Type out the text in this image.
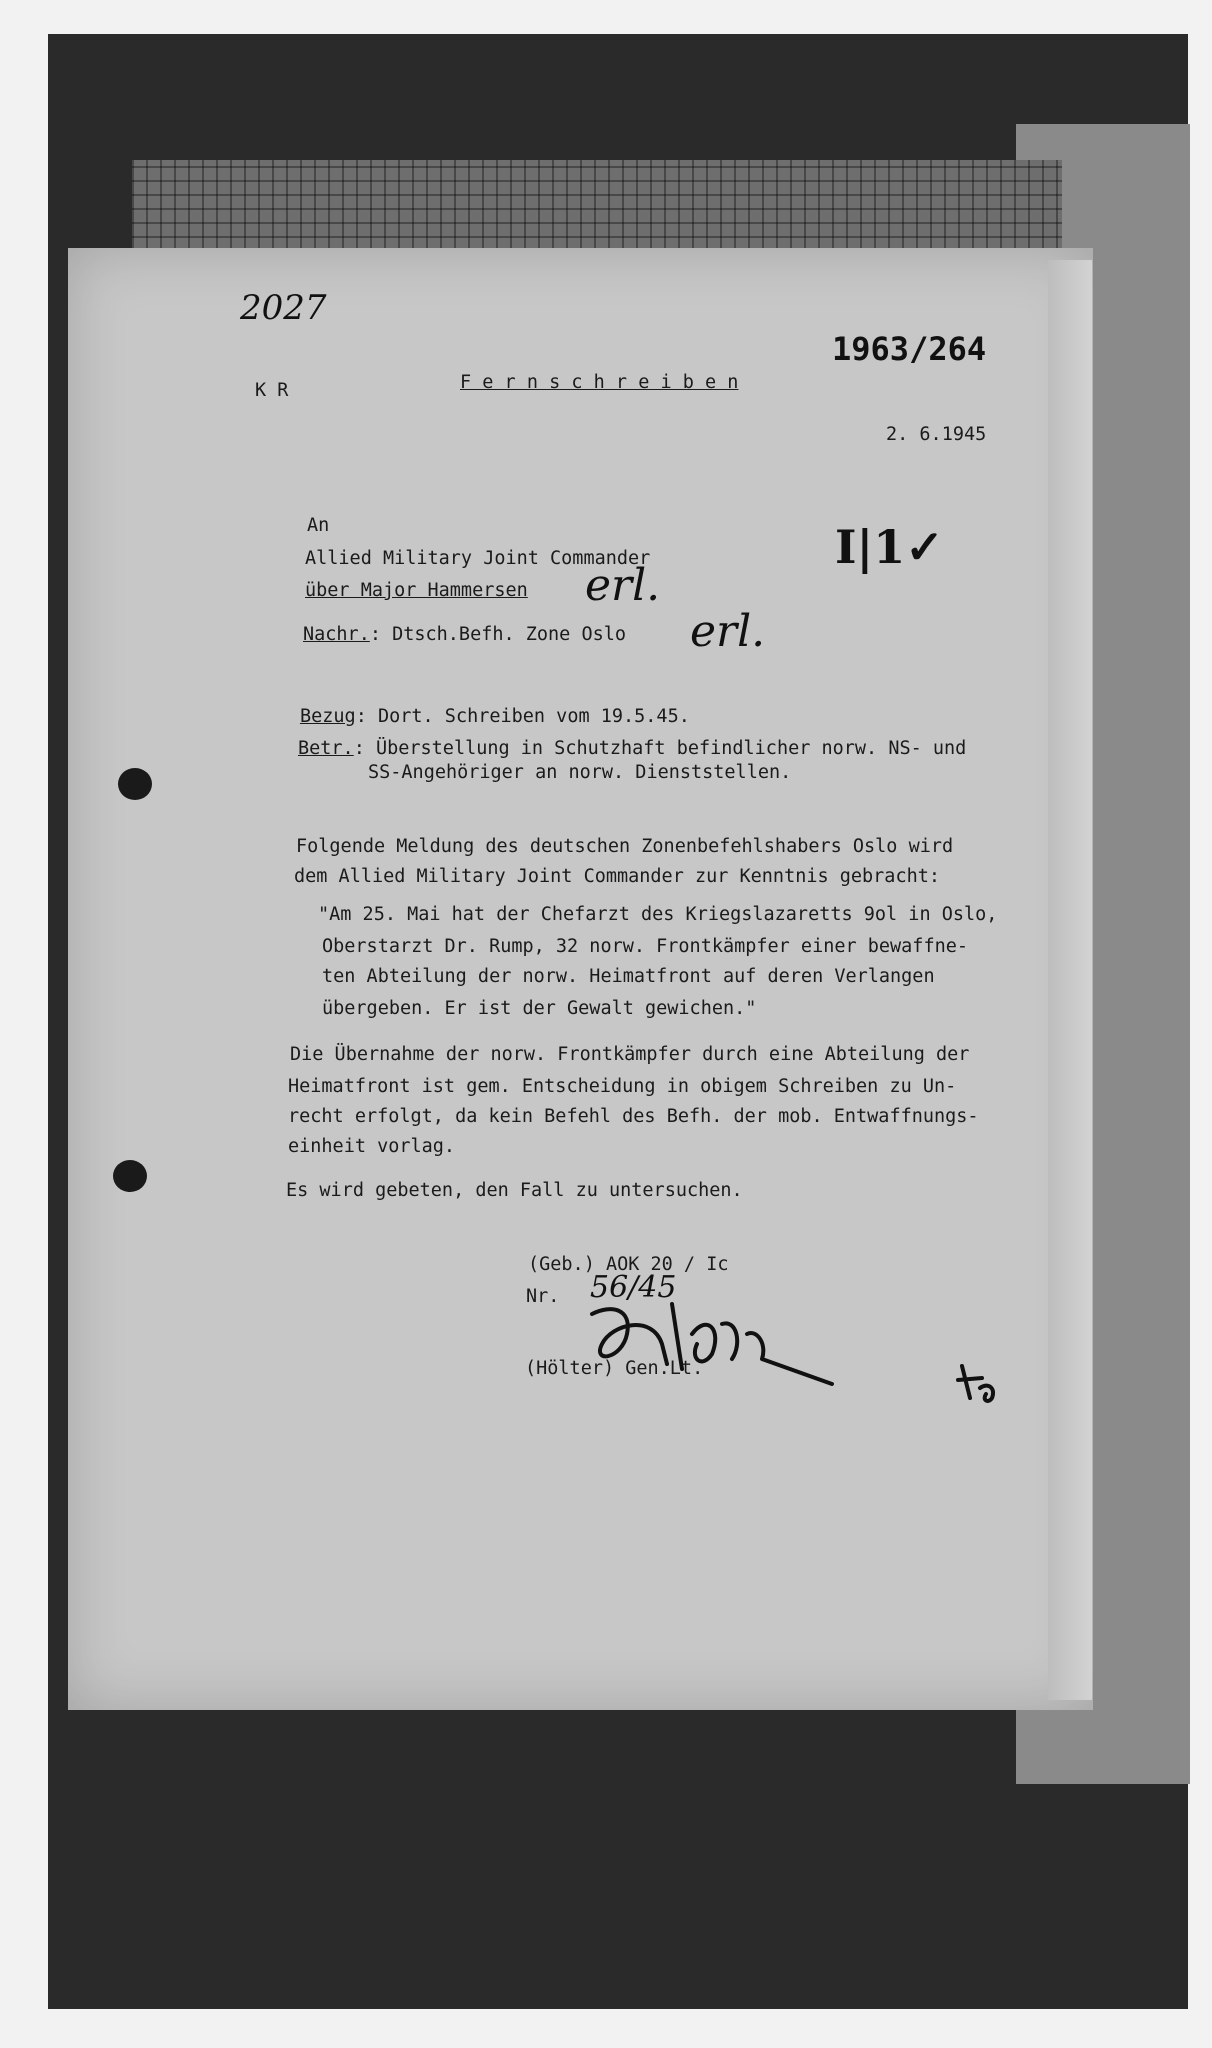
2027
1963/264
K R	F e r n s c h r e i b e n
2. 6.1945
An
Allied Military Joint Commander
über Major Hammersen
Nachr.: Dtsch.Befh. Zone Oslo
I|1✓
erl.
erl.
Bezug: Dort. Schreiben vom 19.5.45.
Betr.: Überstellung in Schutzhaft befindlicher norw. NS- und
SS-Angehöriger an norw. Dienststellen.
Folgende Meldung des deutschen Zonenbefehlshabers Oslo wird
dem Allied Military Joint Commander zur Kenntnis gebracht:
"Am 25. Mai hat der Chefarzt des Kriegslazaretts 9ol in Oslo,
Oberstarzt Dr. Rump, 32 norw. Frontkämpfer einer bewaffne-
ten Abteilung der norw. Heimatfront auf deren Verlangen
übergeben. Er ist der Gewalt gewichen."
Die Übernahme der norw. Frontkämpfer durch eine Abteilung der
Heimatfront ist gem. Entscheidung in obigem Schreiben zu Un-
recht erfolgt, da kein Befehl des Befh. der mob. Entwaffnungs-
einheit vorlag.
Es wird gebeten, den Fall zu untersuchen.
(Geb.) AOK 20 / Ic
Nr. 56/45
(Hölter) Gen.Lt.
